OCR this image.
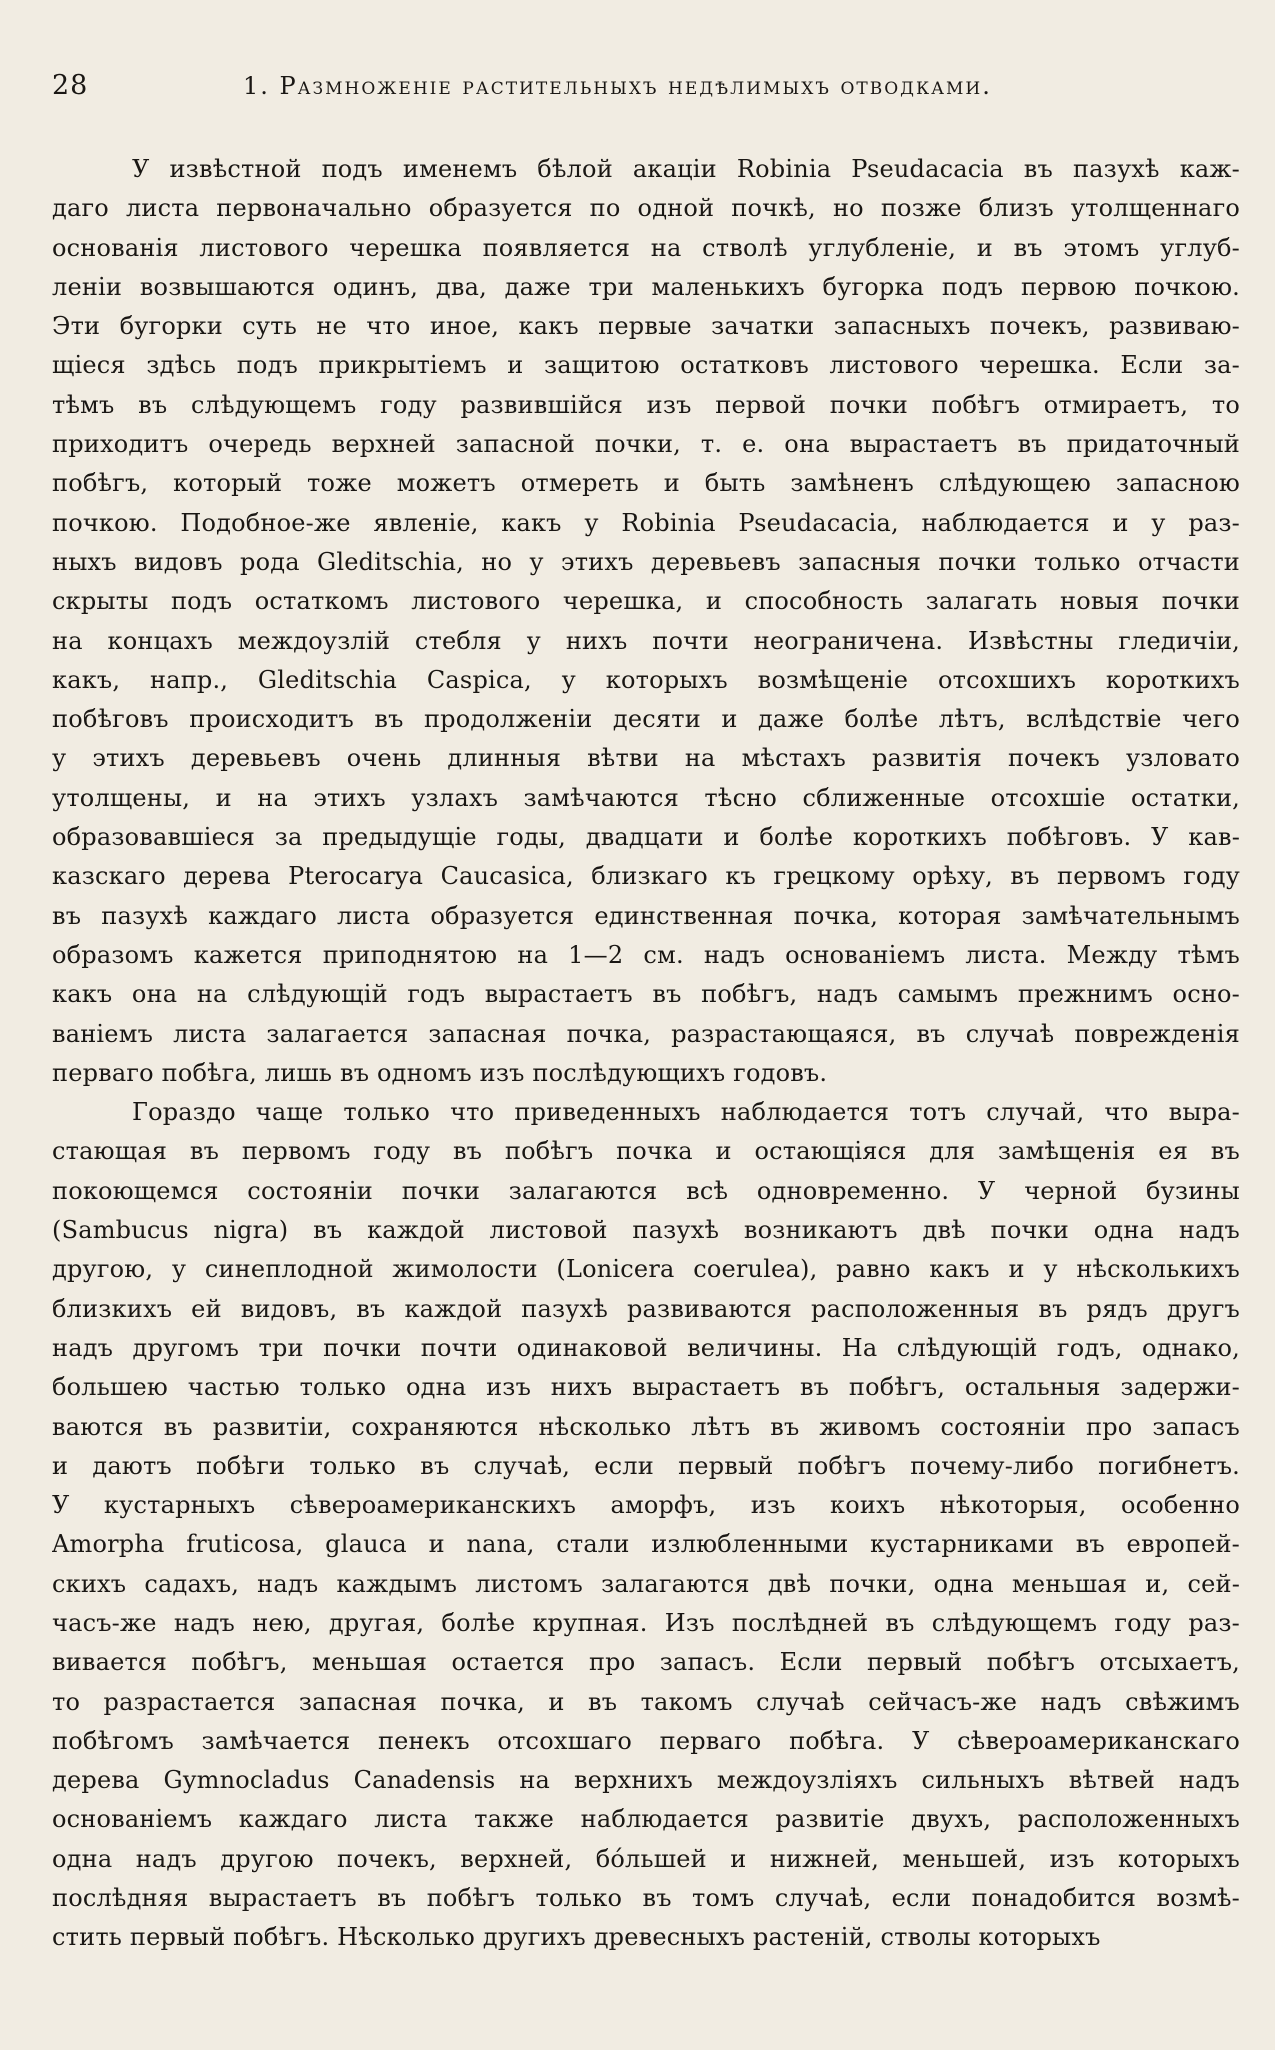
28	1. Размноженіе растительныхъ недѣлимыхъ отводками.
У извѣстной подъ именемъ бѣлой акаціи Robinia Pseudacacia въ пазухѣ каж-
даго листа первоначально образуется по одной почкѣ, но позже близъ утолщеннаго
основанія листового черешка появляется на стволѣ углубленіе, и въ этомъ углуб-
леніи возвышаются одинъ, два, даже три маленькихъ бугорка подъ первою почкою.
Эти бугорки суть не что иное, какъ первые зачатки запасныхъ почекъ, развиваю-
щіеся здѣсь подъ прикрытіемъ и защитою остатковъ листового черешка. Если за-
тѣмъ въ слѣдующемъ году развившійся изъ первой почки побѣгъ отмираетъ, то
приходитъ очередь верхней запасной почки, т. е. она вырастаетъ въ придаточный
побѣгъ, который тоже можетъ отмереть и быть замѣненъ слѣдующею запасною
почкою. Подобное-же явленіе, какъ у Robinia Pseudacacia, наблюдается и у раз-
ныхъ видовъ рода Gleditschia, но у этихъ деревьевъ запасныя почки только отчасти
скрыты подъ остаткомъ листового черешка, и способность залагать новыя почки
на концахъ междоузлій стебля у нихъ почти неограничена. Извѣстны гледичіи,
какъ, напр., Gleditschia Caspica, у которыхъ возмѣщеніе отсохшихъ короткихъ
побѣговъ происходитъ въ продолженіи десяти и даже болѣе лѣтъ, вслѣдствіе чего
у этихъ деревьевъ очень длинныя вѣтви на мѣстахъ развитія почекъ узловато
утолщены, и на этихъ узлахъ замѣчаются тѣсно сближенные отсохшіе остатки,
образовавшіеся за предыдущіе годы, двадцати и болѣе короткихъ побѣговъ. У кав-
казскаго дерева Pterocarya Caucasica, близкаго къ грецкому орѣху, въ первомъ году
въ пазухѣ каждаго листа образуется единственная почка, которая замѣчательнымъ
образомъ кажется приподнятою на 1—2 см. надъ основаніемъ листа. Между тѣмъ
какъ она на слѣдующій годъ вырастаетъ въ побѣгъ, надъ самымъ прежнимъ осно-
ваніемъ листа залагается запасная почка, разрастающаяся, въ случаѣ поврежденія
перваго побѣга, лишь въ одномъ изъ послѣдующихъ годовъ.
Гораздо чаще только что приведенныхъ наблюдается тотъ случай, что выра-
стающая въ первомъ году въ побѣгъ почка и остающіяся для замѣщенія ея въ
покоющемся состояніи почки залагаются всѣ одновременно. У черной бузины
(Sambucus nigra) въ каждой листовой пазухѣ возникаютъ двѣ почки одна надъ
другою, у синеплодной жимолости (Lonicera coerulea), равно какъ и у нѣсколькихъ
близкихъ ей видовъ, въ каждой пазухѣ развиваются расположенныя въ рядъ другъ
надъ другомъ три почки почти одинаковой величины. На слѣдующій годъ, однако,
большею частью только одна изъ нихъ вырастаетъ въ побѣгъ, остальныя задержи-
ваются въ развитіи, сохраняются нѣсколько лѣтъ въ живомъ состояніи про запасъ
и даютъ побѣги только въ случаѣ, если первый побѣгъ почему-либо погибнетъ.
У кустарныхъ сѣвероамериканскихъ аморфъ, изъ коихъ нѣкоторыя, особенно
Amorpha fruticosa, glauca и nana, стали излюбленными кустарниками въ европей-
скихъ садахъ, надъ каждымъ листомъ залагаются двѣ почки, одна меньшая и, сей-
часъ-же надъ нею, другая, болѣе крупная. Изъ послѣдней въ слѣдующемъ году раз-
вивается побѣгъ, меньшая остается про запасъ. Если первый побѣгъ отсыхаетъ,
то разрастается запасная почка, и въ такомъ случаѣ сейчасъ-же надъ свѣжимъ
побѣгомъ замѣчается пенекъ отсохшаго перваго побѣга. У сѣвероамериканскаго
дерева Gymnocladus Canadensis на верхнихъ междоузліяхъ сильныхъ вѣтвей надъ
основаніемъ каждаго листа также наблюдается развитіе двухъ, расположенныхъ
одна надъ другою почекъ, верхней, бо́льшей и нижней, меньшей, изъ которыхъ
послѣдняя вырастаетъ въ побѣгъ только въ томъ случаѣ, если понадобится возмѣ-
стить первый побѣгъ. Нѣсколько другихъ древесныхъ растеній, стволы которыхъ
